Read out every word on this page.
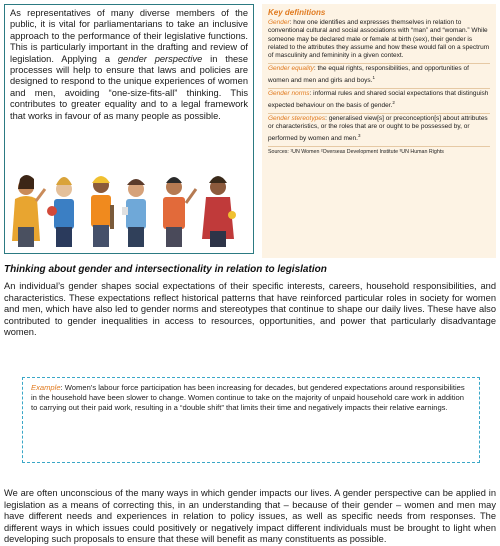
As representatives of many diverse members of the public, it is vital for parliamentarians to take an inclusive approach to the performance of their legislative functions. This is particularly important in the drafting and review of legislation. Applying a gender perspective in these processes will help to ensure that laws and policies are designed to respond to the unique experiences of women and men, avoiding “one-size-fits-all” thinking. This contributes to greater equality and to a legal framework that works in favour of as many people as possible.

Key definitions
Gender: how one identifies and expresses themselves in relation to conventional cultural and social associations with “man” and “woman.” While someone may be declared male or female at birth (sex), their gender is related to the attributes they assume and how these would fall on a spectrum of masculinity and femininity in a given context.
Gender equality: the equal rights, responsibilities, and opportunities of women and men and girls and boys.$^1$
Gender norms: informal rules and shared social expectations that distinguish expected behaviour on the basis of gender.$^2$
Gender stereotypes: generalised view[s] or preconception[s] about attributes or characteristics, or the roles that are or ought to be possessed by, or performed by women and men.$^3$
Sources: ¹UN Women ²Overseas Development Institute ³UN Human Rights
Thinking about gender and intersectionality in relation to legislation

An individual’s gender shapes social expectations of their specific interests, careers, household responsibilities, and characteristics. These expectations reflect historical patterns that have reinforced particular roles in society for women and men, which have also led to gender norms and stereotypes that continue to shape our daily lives. These have also contributed to gender inequalities in access to resources, opportunities, and power that particularly disadvantage women.

Example: Women’s labour force participation has been increasing for decades, but gendered expectations around responsibilities in the household have been slower to change. Women continue to take on the majority of unpaid household care work in addition to carrying out their paid work, resulting in a “double shift” that limits their time and negatively impacts their relative earnings.

We are often unconscious of the many ways in which gender impacts our lives. A gender perspective can be applied in legislation as a means of correcting this, in an understanding that – because of their gender – women and men may have different needs and experiences in relation to policy issues, as well as specific needs from responses. The different ways in which issues could positively or negatively impact different individuals must be brought to light when developing such proposals to ensure that these will benefit as many constituents as possible.
